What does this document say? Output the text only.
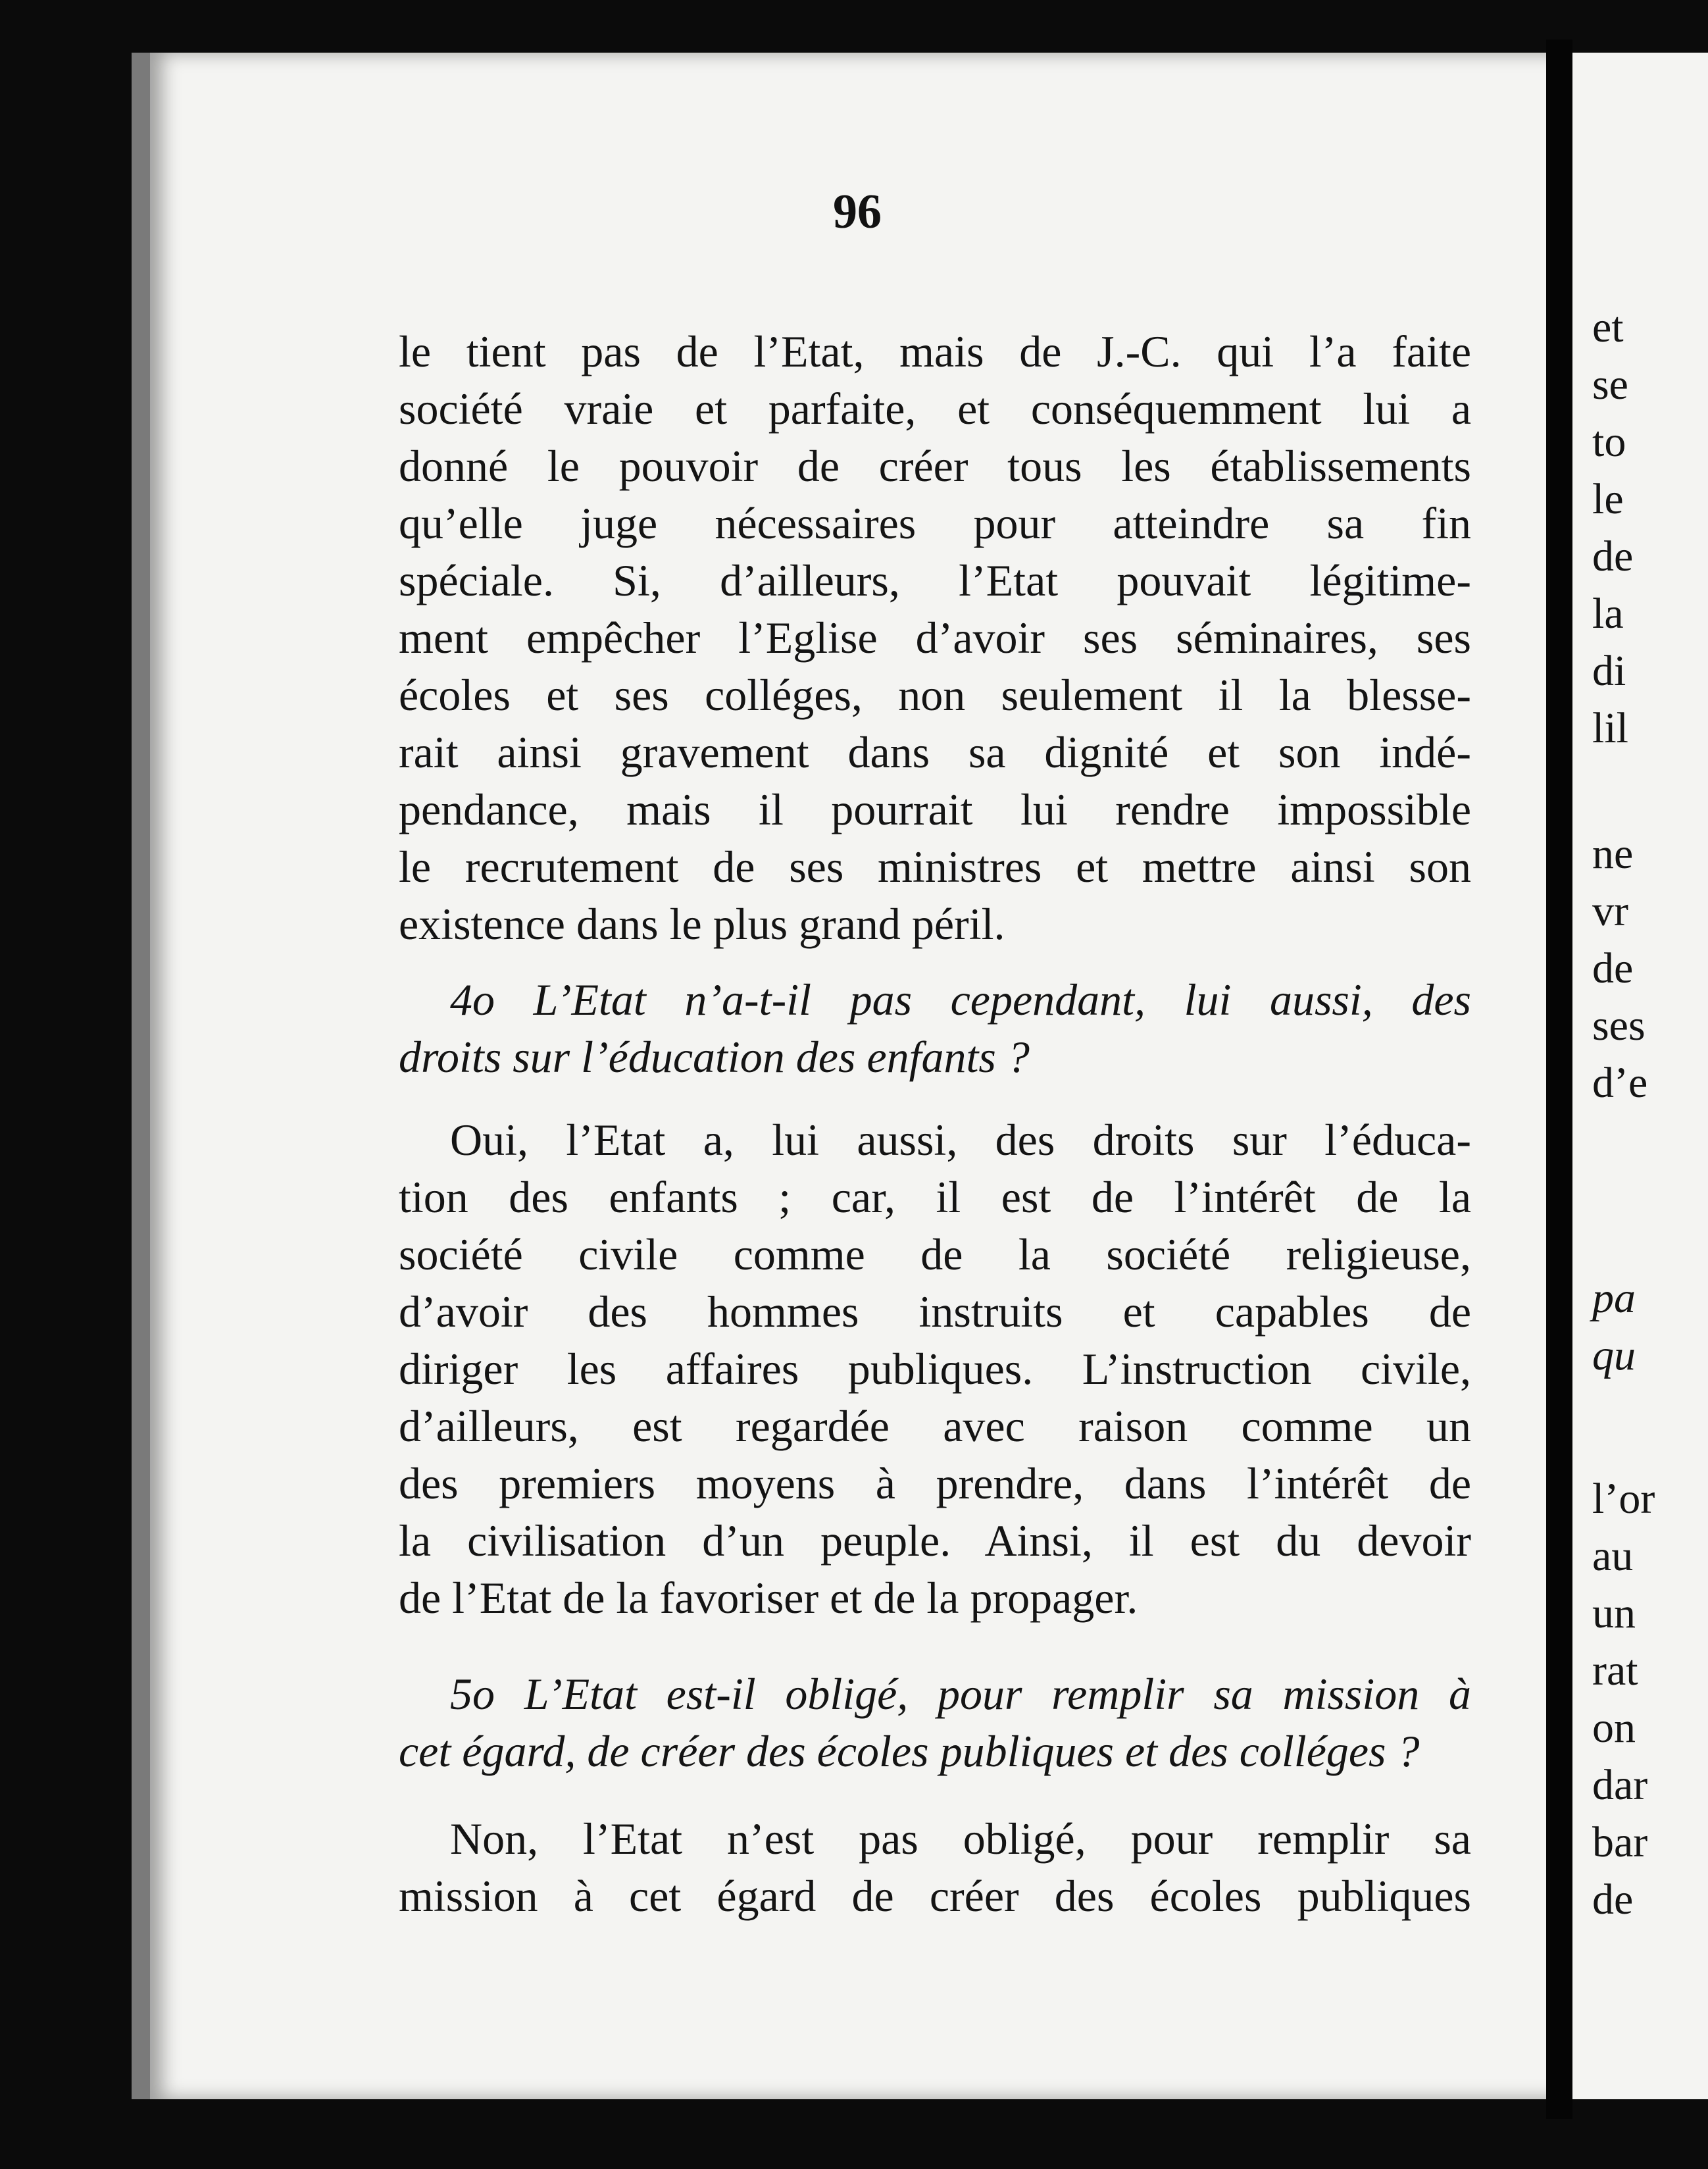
96

le tient pas de l’Etat, mais de J.-C. qui l’a faite

société vraie et parfaite, et conséquemment lui a

donné le pouvoir de créer tous les établissements

qu’elle juge nécessaires pour atteindre sa fin

spéciale. Si, d’ailleurs, l’Etat pouvait légitime-

ment empêcher l’Eglise d’avoir ses séminaires, ses

écoles et ses colléges, non seulement il la blesse-

rait ainsi gravement dans sa dignité et son indé-

pendance, mais il pourrait lui rendre impossible

le recrutement de ses ministres et mettre ainsi son

existence dans le plus grand péril.

4o L’Etat n’a-t-il pas cependant, lui aussi, des

droits sur l’éducation des enfants ?

Oui, l’Etat a, lui aussi, des droits sur l’éduca-

tion des enfants ; car, il est de l’intérêt de la

société civile comme de la société religieuse,

d’avoir des hommes instruits et capables de

diriger les affaires publiques. L’instruction civile,

d’ailleurs, est regardée avec raison comme un

des premiers moyens à prendre, dans l’intérêt de

la civilisation d’un peuple. Ainsi, il est du devoir

de l’Etat de la favoriser et de la propager.

5o L’Etat est-il obligé, pour remplir sa mission à

cet égard, de créer des écoles publiques et des colléges ?

Non, l’Etat n’est pas obligé, pour remplir sa

mission à cet égard de créer des écoles publiques

et

se

to

le

de

la

di

lil

ne

vr

de

ses

d’e

pa

qu

l’or

au

un

rat

on

dar

bar

de
